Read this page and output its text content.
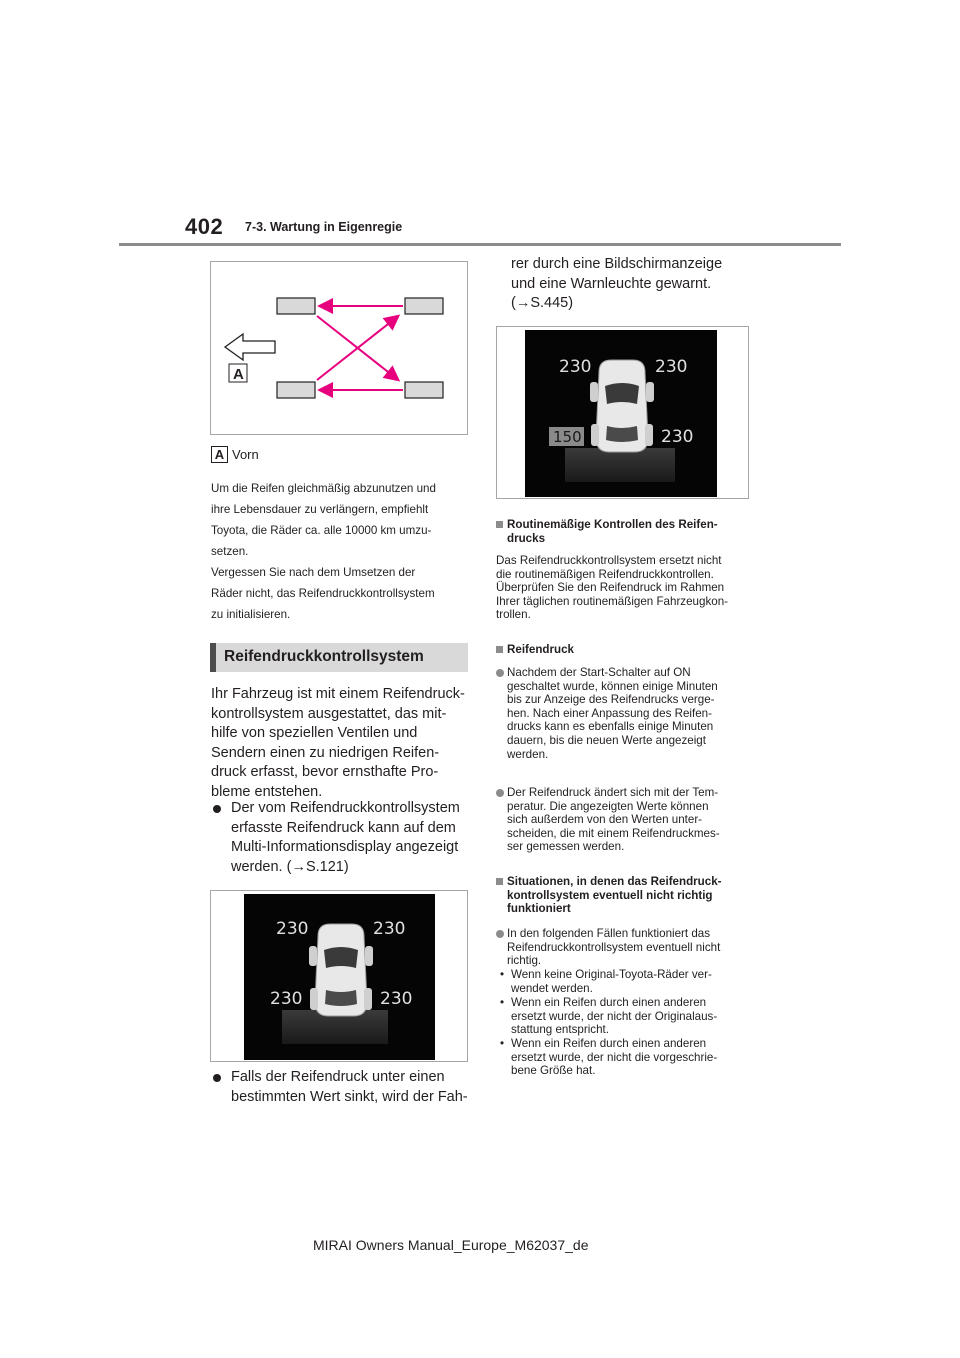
402 7-3. Wartung in Eigenregie
A
A Vorn
Um die Reifen gleichmäßig abzunutzen und
ihre Lebensdauer zu verlängern, empfiehlt
Toyota, die Räder ca. alle 10000 km umzu-
setzen.
Vergessen Sie nach dem Umsetzen der
Räder nicht, das Reifendruckkontrollsystem
zu initialisieren.
Reifendruckkontrollsystem
Ihr Fahrzeug ist mit einem Reifendruck-
kontrollsystem ausgestattet, das mit-
hilfe von speziellen Ventilen und
Sendern einen zu niedrigen Reifen-
druck erfasst, bevor ernsthafte Pro-
bleme entstehen.
Der vom Reifendruckkontrollsystem
erfasste Reifendruck kann auf dem
Multi-Informationsdisplay angezeigt
werden. (→S.121)
230	230
230	230
Falls der Reifendruck unter einen
bestimmten Wert sinkt, wird der Fah-
rer durch eine Bildschirmanzeige
und eine Warnleuchte gewarnt.
(→S.445)
230	230
150	230
Routinemäßige Kontrollen des Reifen-
drucks
Das Reifendruckkontrollsystem ersetzt nicht
die routinemäßigen Reifendruckkontrollen.
Überprüfen Sie den Reifendruck im Rahmen
Ihrer täglichen routinemäßigen Fahrzeugkon-
trollen.
Reifendruck
Nachdem der Start-Schalter auf ON
geschaltet wurde, können einige Minuten
bis zur Anzeige des Reifendrucks verge-
hen. Nach einer Anpassung des Reifen-
drucks kann es ebenfalls einige Minuten
dauern, bis die neuen Werte angezeigt
werden.
Der Reifendruck ändert sich mit der Tem-
peratur. Die angezeigten Werte können
sich außerdem von den Werten unter-
scheiden, die mit einem Reifendruckmes-
ser gemessen werden.
Situationen, in denen das Reifendruck-
kontrollsystem eventuell nicht richtig
funktioniert
In den folgenden Fällen funktioniert das
Reifendruckkontrollsystem eventuell nicht
richtig.
• Wenn keine Original-Toyota-Räder ver-
wendet werden.
• Wenn ein Reifen durch einen anderen
ersetzt wurde, der nicht der Originalaus-
stattung entspricht.
• Wenn ein Reifen durch einen anderen
ersetzt wurde, der nicht die vorgeschrie-
bene Größe hat.
MIRAI Owners Manual_Europe_M62037_de
